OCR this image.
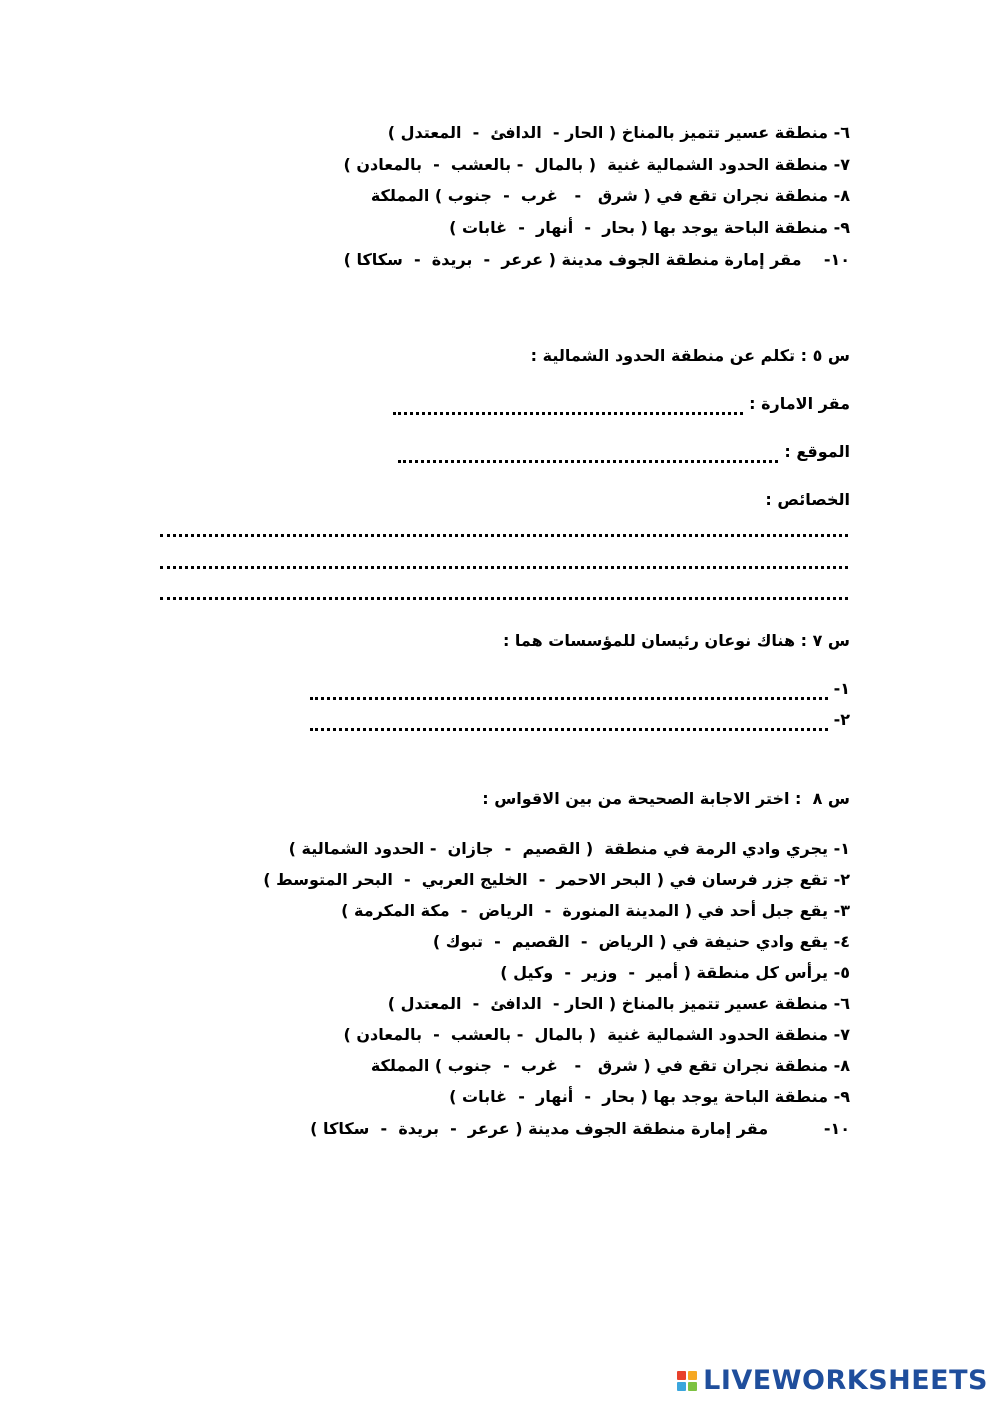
٦- منطقة عسير تتميز بالمناخ ( الحار -  الدافئ  -  المعتدل )
٧- منطقة الحدود الشمالية غنية  ( بالمال  - بالعشب  -  بالمعادن )
٨- منطقة نجران تقع في ( شرق   -   غرب  -  جنوب ) المملكة
٩- منطقة الباحة يوجد بها ( بحار  -  أنهار  -  غابات )
١٠-    مقر إمارة منطقة الجوف مدينة ( عرعر  -  بريدة  -  سكاكا )
س ٥ : تكلم عن منطقة الحدود الشمالية :
مقر الامارة :
الموقع :
الخصائص :
س ٧ : هناك نوعان رئيسان للمؤسسات هما :
١-
٢-
س ٨  : اختر الاجابة الصحيحة من بين الاقواس :
١- يجري وادي الرمة في منطقة  ( القصيم  -  جازان  - الحدود الشمالية )
٢- تقع جزر فرسان في ( البحر الاحمر  -  الخليج العربي  -  البحر المتوسط )
٣- يقع جبل أحد في ( المدينة المنورة  -  الرياض  -  مكة المكرمة )
٤- يقع وادي حنيفة في ( الرياض  -  القصيم  -  تبوك )
٥- يرأس كل منطقة ( أمير  -  وزير  -  وكيل )
٦- منطقة عسير تتميز بالمناخ ( الحار -  الدافئ  -  المعتدل )
٧- منطقة الحدود الشمالية غنية  ( بالمال  - بالعشب  -  بالمعادن )
٨- منطقة نجران تقع في ( شرق   -   غرب  -  جنوب ) المملكة
٩- منطقة الباحة يوجد بها ( بحار  -  أنهار  -  غابات )
١٠-          مقر إمارة منطقة الجوف مدينة ( عرعر  -  بريدة  -  سكاكا )
LIVEWORKSHEETS
